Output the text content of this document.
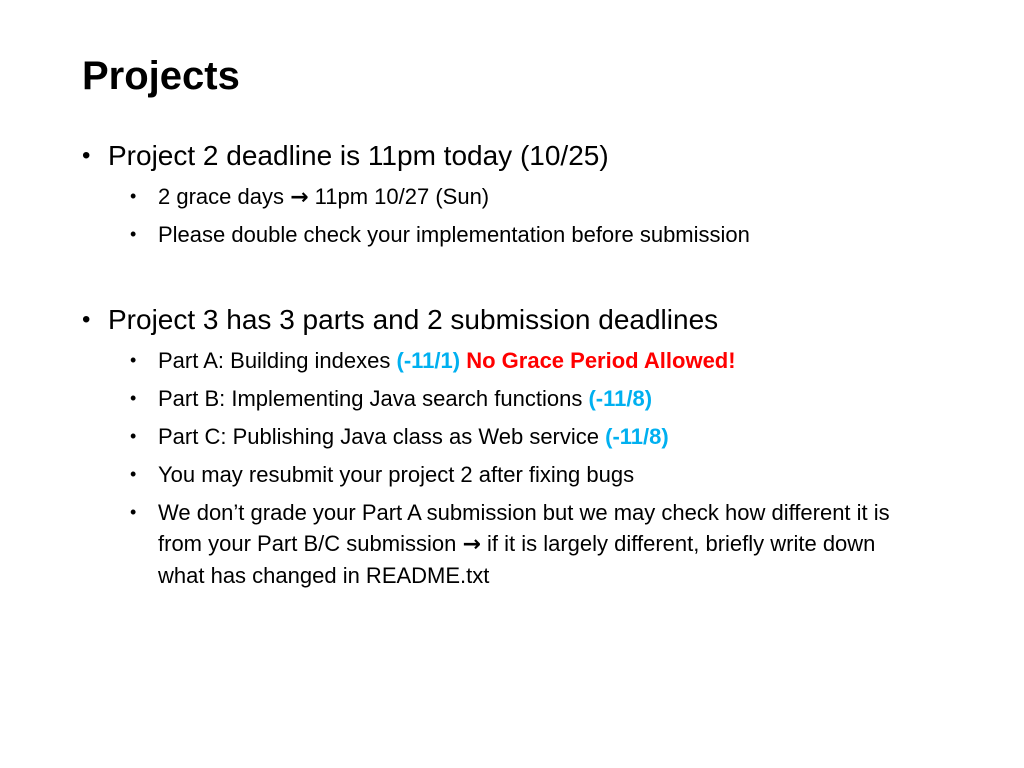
Projects
• Project 2 deadline is 11pm today (10/25)
• 2 grace days → 11pm 10/27 (Sun)
• Please double check your implementation before submission
• Project 3 has 3 parts and 2 submission deadlines
• Part A: Building indexes (-11/1) No Grace Period Allowed!
• Part B: Implementing Java search functions (-11/8)
• Part C: Publishing Java class as Web service (-11/8)
• You may resubmit your project 2 after fixing bugs
• We don’t grade your Part A submission but we may check how different it is from your Part B/C submission → if it is largely different, briefly write down what has changed in README.txt
